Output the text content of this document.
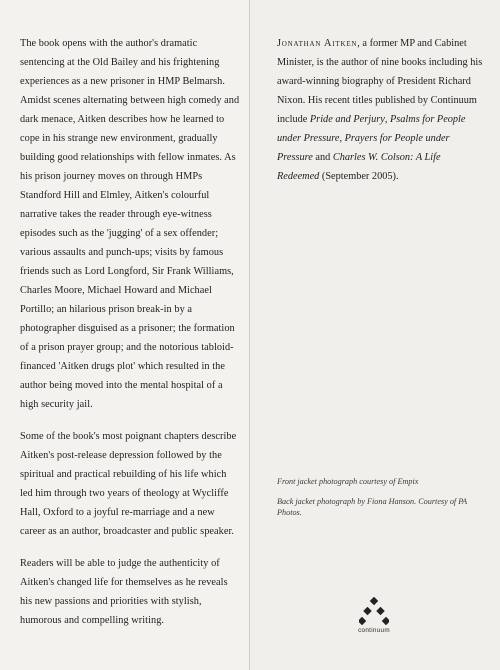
The book opens with the author's dramatic sentencing at the Old Bailey and his frightening experiences as a new prisoner in HMP Belmarsh. Amidst scenes alternating between high comedy and dark menace, Aitken describes how he learned to cope in his strange new environment, gradually building good relationships with fellow inmates. As his prison journey moves on through HMPs Standford Hill and Elmley, Aitken's colourful narrative takes the reader through eye-witness episodes such as the 'jugging' of a sex offender; various assaults and punch-ups; visits by famous friends such as Lord Longford, Sir Frank Williams, Charles Moore, Michael Howard and Michael Portillo; an hilarious prison break-in by a photographer disguised as a prisoner; the formation of a prison prayer group; and the notorious tabloid-financed 'Aitken drugs plot' which resulted in the author being moved into the mental hospital of a high security jail.

Some of the book's most poignant chapters describe Aitken's post-release depression followed by the spiritual and practical rebuilding of his life which led him through two years of theology at Wycliffe Hall, Oxford to a joyful re-marriage and a new career as an author, broadcaster and public speaker.

Readers will be able to judge the authenticity of Aitken's changed life for themselves as he reveals his new passions and priorities with stylish, humorous and compelling writing.

Jonathan Aitken, a former MP and Cabinet Minister, is the author of nine books including his award-winning biography of President Richard Nixon. His recent titles published by Continuum include Pride and Perjury, Psalms for People under Pressure, Prayers for People under Pressure and Charles W. Colson: A Life Redeemed (September 2005).

Front jacket photograph courtesy of Empix

Back jacket photograph by Fiona Hanson. Courtesy of PA Photos.

continuum
